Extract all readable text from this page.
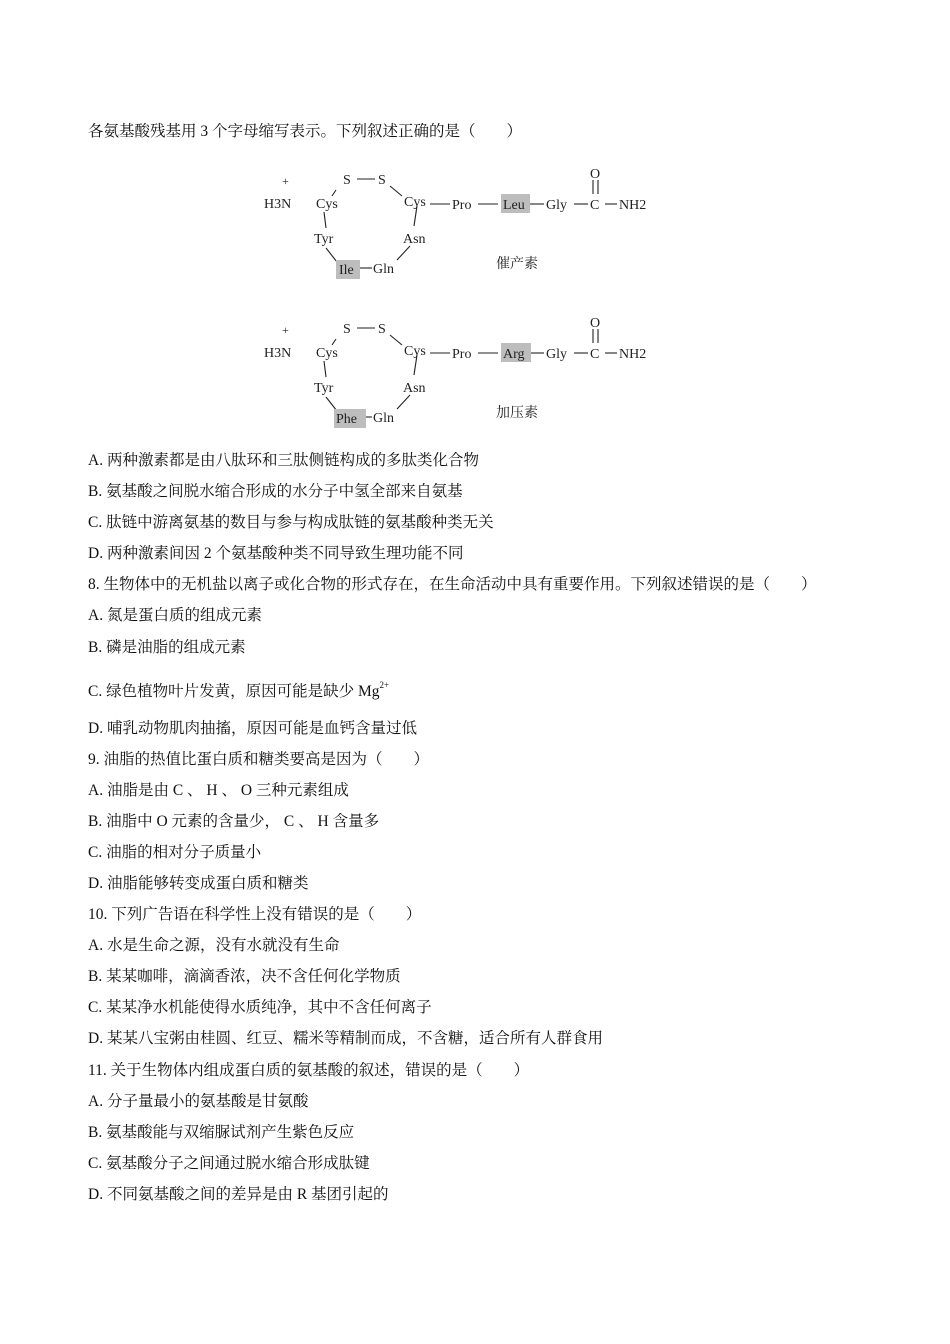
各氨基酸残基用 3 个字母缩写表示。下列叙述正确的是（　　）
H3N
+
Cys
S S
Cys
Asn
Gln
Ile
Tyr
Pro Leu Gly
O
C NH2
催产素
H3N
+
Cys
S S
Cys
Asn
Gln
Phe
Tyr
Pro Arg Gly
O
C NH2
加压素
A. 两种激素都是由八肽环和三肽侧链构成的多肽类化合物
B. 氨基酸之间脱水缩合形成的水分子中氢全部来自氨基
C. 肽链中游离氨基的数目与参与构成肽链的氨基酸种类无关
D. 两种激素间因 2 个氨基酸种类不同导致生理功能不同
8. 生物体中的无机盐以离子或化合物的形式存在，在生命活动中具有重要作用。下列叙述错误的是（　　）
A. 氮是蛋白质的组成元素
B. 磷是油脂的组成元素
C. 绿色植物叶片发黄，原因可能是缺少 $Mg^{2+}$
D. 哺乳动物肌肉抽搐，原因可能是血钙含量过低
9. 油脂的热值比蛋白质和糖类要高是因为（　　）
A. 油脂是由 C 、 H 、 O 三种元素组成
B. 油脂中 O 元素的含量少， C 、 H 含量多
C. 油脂的相对分子质量小
D. 油脂能够转变成蛋白质和糖类
10. 下列广告语在科学性上没有错误的是（　　）
A. 水是生命之源，没有水就没有生命
B. 某某咖啡，滴滴香浓，决不含任何化学物质
C. 某某净水机能使得水质纯净，其中不含任何离子
D. 某某八宝粥由桂圆、红豆、糯米等精制而成，不含糖，适合所有人群食用
11. 关于生物体内组成蛋白质的氨基酸的叙述，错误的是（　　）
A. 分子量最小的氨基酸是甘氨酸
B. 氨基酸能与双缩脲试剂产生紫色反应
C. 氨基酸分子之间通过脱水缩合形成肽键
D. 不同氨基酸之间的差异是由 R 基团引起的
